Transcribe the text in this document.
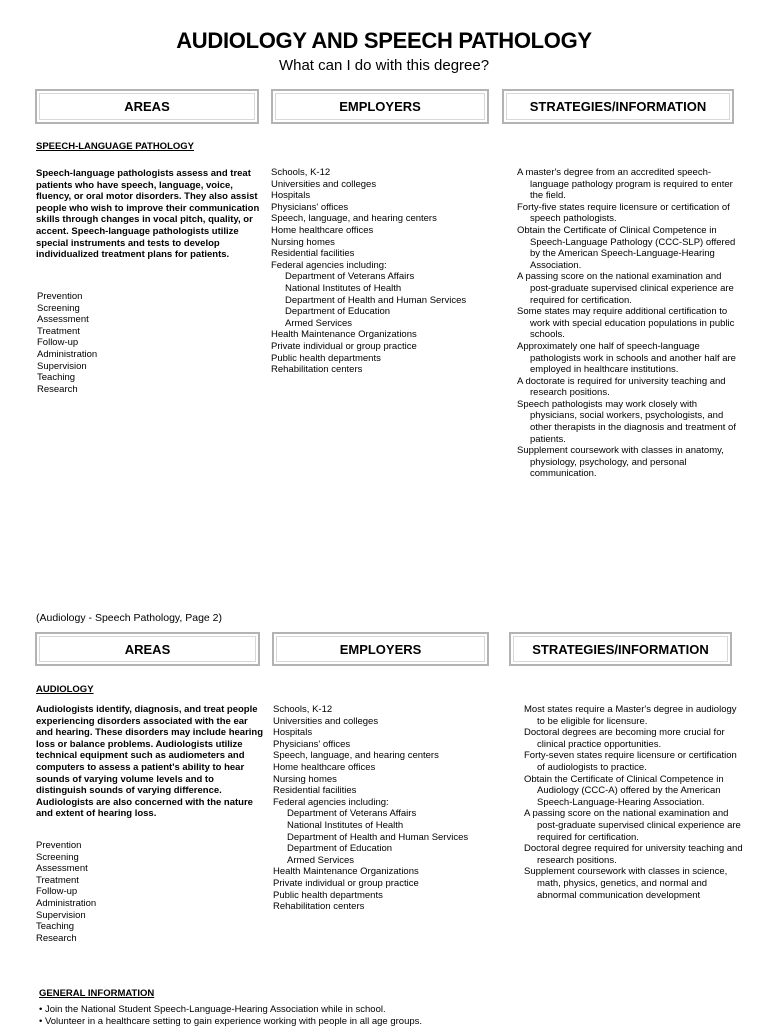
AUDIOLOGY AND SPEECH PATHOLOGY
What can I do with this degree?
AREAS	EMPLOYERS	STRATEGIES/INFORMATION
SPEECH-LANGUAGE PATHOLOGY
Speech-language pathologists assess and treat patients who have speech, language, voice, fluency, or oral motor disorders. They also assist people who wish to improve their communication skills through changes in vocal pitch, quality, or accent. Speech-language pathologists utilize special instruments and tests to develop individualized treatment plans for patients.
Prevention
Screening
Assessment
Treatment
Follow-up
Administration
Supervision
Teaching
Research
Schools, K-12
Universities and colleges
Hospitals
Physicians' offices
Speech, language, and hearing centers
Home healthcare offices
Nursing homes
Residential facilities
Federal agencies including:
Department of Veterans Affairs
National Institutes of Health
Department of Health and Human Services
Department of Education
Armed Services
Health Maintenance Organizations
Private individual or group practice
Public health departments
Rehabilitation centers

A master's degree from an accredited speech-language pathology program is required to enter the field.

Forty-five states require licensure or certification of speech pathologists.

Obtain the Certificate of Clinical Competence in Speech-Language Pathology (CCC-SLP) offered by the American Speech-Language-Hearing Association.

A passing score on the national examination and post-graduate supervised clinical experience are required for certification.

Some states may require additional certification to work with special education populations in public schools.

Approximately one half of speech-language pathologists work in schools and another half are employed in healthcare institutions.

A doctorate is required for university teaching and research positions.

Speech pathologists may work closely with physicians, social workers, psychologists, and other therapists in the diagnosis and treatment of patients.

Supplement coursework with classes in anatomy, physiology, psychology, and personal communication.

(Audiology - Speech Pathology, Page 2)
AREAS	EMPLOYERS	STRATEGIES/INFORMATION
AUDIOLOGY
Audiologists identify, diagnosis, and treat people experiencing disorders associated with the ear and hearing. These disorders may include hearing loss or balance problems. Audiologists utilize technical equipment such as audiometers and computers to assess a patient's ability to hear sounds of varying volume levels and to distinguish sounds of varying difference. Audiologists are also concerned with the nature and extent of hearing loss.
Prevention
Screening
Assessment
Treatment
Follow-up
Administration
Supervision
Teaching
Research
Schools, K-12
Universities and colleges
Hospitals
Physicians' offices
Speech, language, and hearing centers
Home healthcare offices
Nursing homes
Residential facilities
Federal agencies including:
Department of Veterans Affairs
National Institutes of Health
Department of Health and Human Services
Department of Education
Armed Services
Health Maintenance Organizations
Private individual or group practice
Public health departments
Rehabilitation centers

Most states require a Master's degree in audiology to be eligible for licensure.

Doctoral degrees are becoming more crucial for clinical practice opportunities.

Forty-seven states require licensure or certification of audiologists to practice.

Obtain the Certificate of Clinical Competence in Audiology (CCC-A) offered by the American Speech-Language-Hearing Association.

A passing score on the national examination and post-graduate supervised clinical experience are required for certification.

Doctoral degree required for university teaching and research positions.

Supplement coursework with classes in science, math, physics, genetics, and normal and abnormal communication development

GENERAL INFORMATION
• Join the National Student Speech-Language-Hearing Association while in school.
• Volunteer in a healthcare setting to gain experience working with people in all age groups.
